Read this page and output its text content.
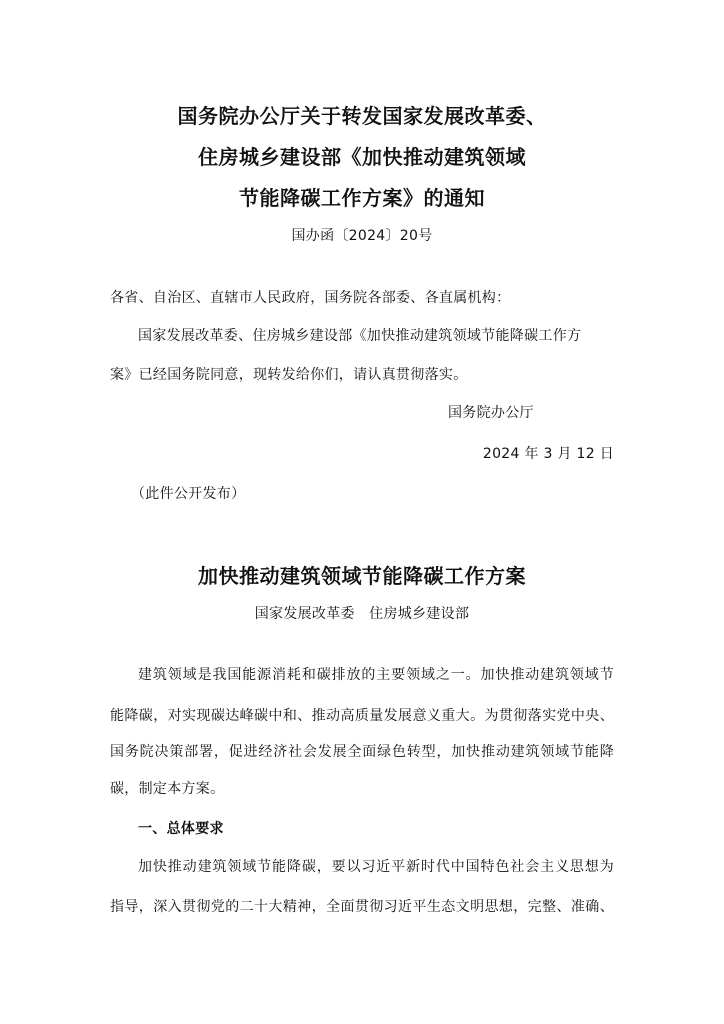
国务院办公厅关于转发国家发展改革委、
住房城乡建设部《加快推动建筑领域
节能降碳工作方案》的通知
国办函〔2024〕20号
各省、自治区、直辖市人民政府，国务院各部委、各直属机构：
国家发展改革委、住房城乡建设部《加快推动建筑领域节能降碳工作方
案》已经国务院同意，现转发给你们，请认真贯彻落实。
国务院办公厅
2024 年 3 月 12 日
（此件公开发布）
加快推动建筑领域节能降碳工作方案
国家发展改革委　住房城乡建设部
建筑领域是我国能源消耗和碳排放的主要领域之一。加快推动建筑领域节
能降碳，对实现碳达峰碳中和、推动高质量发展意义重大。为贯彻落实党中央、
国务院决策部署，促进经济社会发展全面绿色转型，加快推动建筑领域节能降
碳，制定本方案。
一、总体要求
加快推动建筑领域节能降碳，要以习近平新时代中国特色社会主义思想为
指导，深入贯彻党的二十大精神，全面贯彻习近平生态文明思想，完整、准确、
